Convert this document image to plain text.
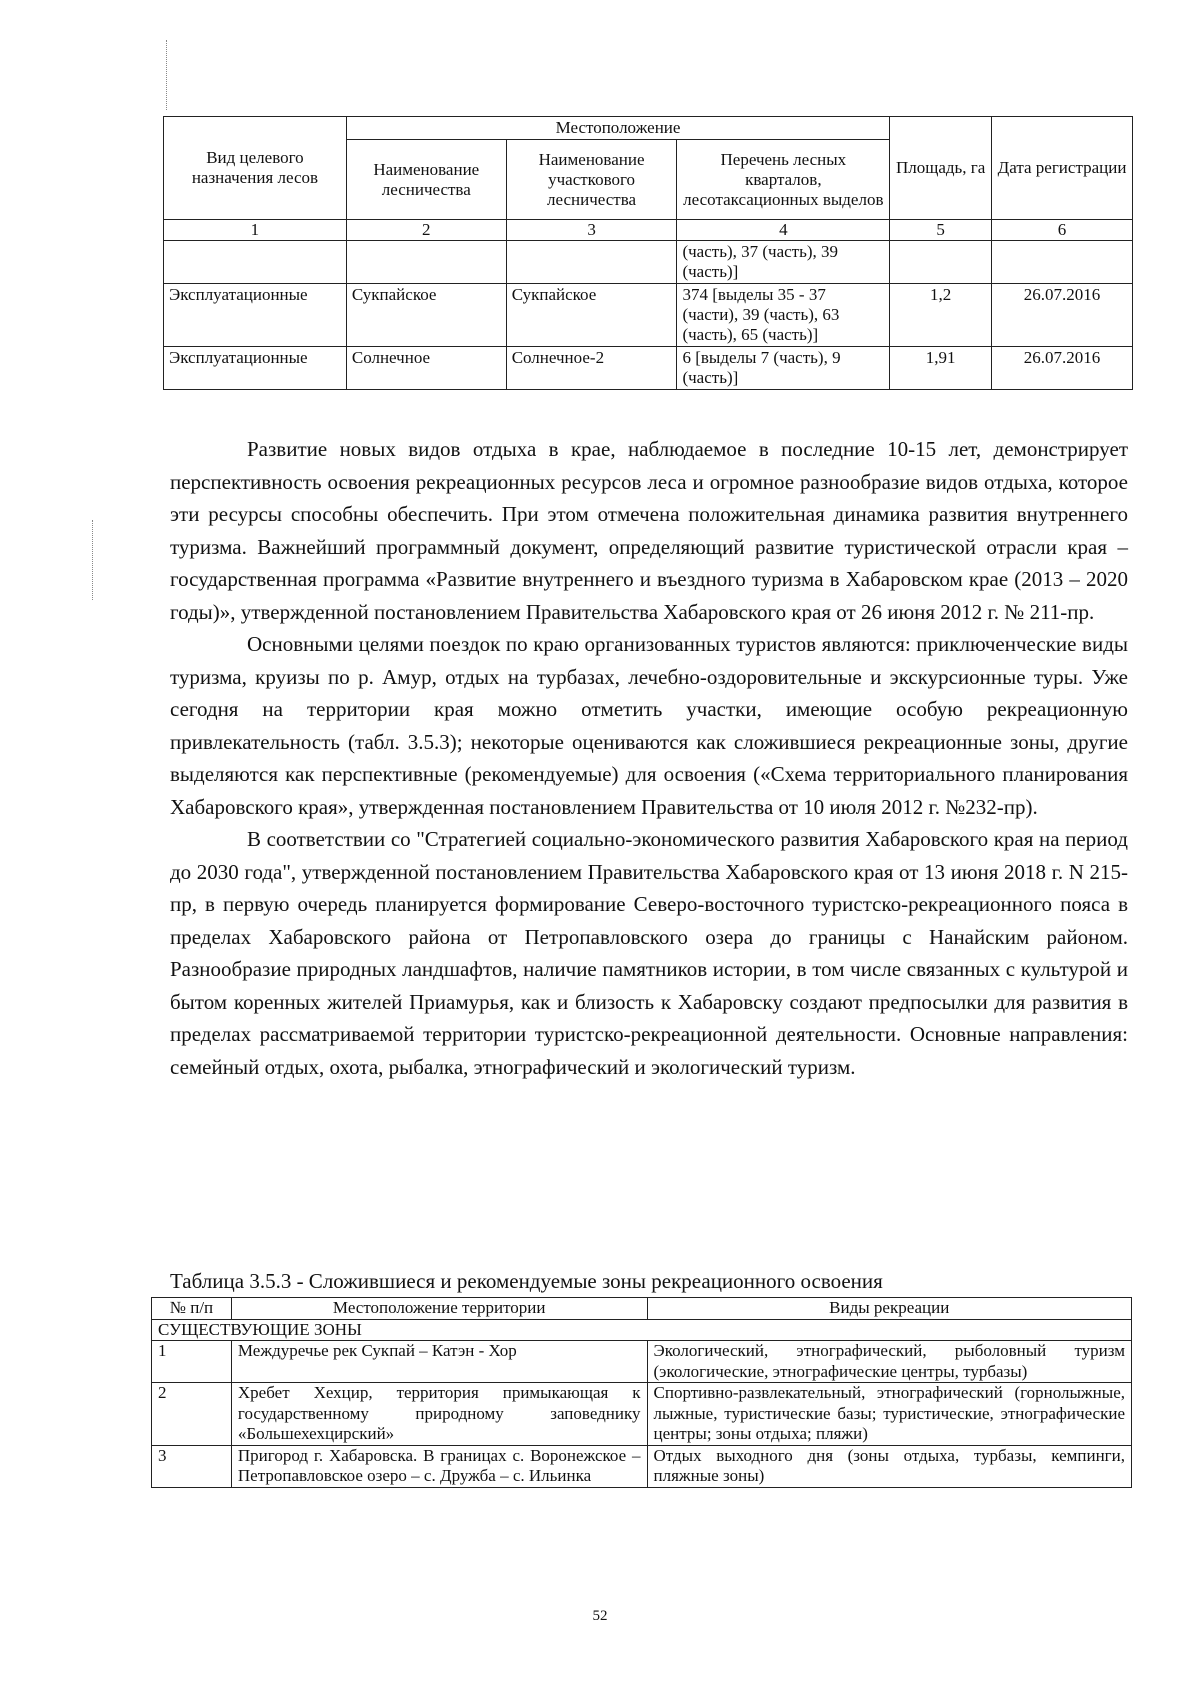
Вид целевого назначения лесов	Местоположение			Площадь, га	Дата регистрации
	Наименование лесничества	Наименование участкового лесничества	Перечень лесных кварталов, лесотаксационных выделов		
1	2	3	4	5	6
			(часть), 37 (часть), 39 (часть)]		
Эксплуатационные	Сукпайское	Сукпайское	374 [выделы 35 - 37 (части), 39 (часть), 63 (часть), 65 (часть)]	1,2	26.07.2016
Эксплуатационные	Солнечное	Солнечное-2	6 [выделы 7 (часть), 9 (часть)]	1,91	26.07.2016

Развитие новых видов отдыха в крае, наблюдаемое в последние 10-15 лет, демонстрирует перспективность освоения рекреационных ресурсов леса и огромное разнообразие видов отдыха, которое эти ресурсы способны обеспечить. При этом отмечена положительная динамика развития внутреннего туризма. Важнейший программный документ, определяющий развитие туристической отрасли края – государственная программа «Развитие внутреннего и въездного туризма в Хабаровском крае (2013 – 2020 годы)», утвержденной постановлением Правительства Хабаровского края от 26 июня 2012 г. № 211-пр.

Основными целями поездок по краю организованных туристов являются: приключенческие виды туризма, круизы по р. Амур, отдых на турбазах, лечебно-оздоровительные и экскурсионные туры. Уже сегодня на территории края можно отметить участки, имеющие особую рекреационную привлекательность (табл. 3.5.3); некоторые оцениваются как сложившиеся рекреационные зоны, другие выделяются как перспективные (рекомендуемые) для освоения («Схема территориального планирования Хабаровского края», утвержденная постановлением Правительства от 10 июля 2012 г. №232-пр).

В соответствии со "Стратегией социально-экономического развития Хабаровского края на период до 2030 года", утвержденной постановлением Правительства Хабаровского края от 13 июня 2018 г. N 215-пр, в первую очередь планируется формирование Северо-восточного туристско-рекреационного пояса в пределах Хабаровского района от Петропавловского озера до границы с Нанайским районом. Разнообразие природных ландшафтов, наличие памятников истории, в том числе связанных с культурой и бытом коренных жителей Приамурья, как и близость к Хабаровску создают предпосылки для развития в пределах рассматриваемой территории туристско-рекреационной деятельности. Основные направления: семейный отдых, охота, рыбалка, этнографический и экологический туризм.

Таблица 3.5.3 - Сложившиеся и рекомендуемые зоны рекреационного освоения
№ п/п	Местоположение территории	Виды рекреации
СУЩЕСТВУЮЩИЕ ЗОНЫ		
1	Междуречье рек Сукпай – Катэн - Хор	Экологический, этнографический, рыболовный туризм (экологические, этнографические центры, турбазы)
2	Хребет Хехцир, территория примыкающая к государственному природному заповеднику «Большехехцирский»	Спортивно-развлекательный, этнографический (горнолыжные, лыжные, туристические базы; туристические, этнографические центры; зоны отдыха; пляжи)
3	Пригород г. Хабаровска. В границах с. Воронежское – Петропавловское озеро – с. Дружба – с. Ильинка	Отдых выходного дня (зоны отдыха, турбазы, кемпинги, пляжные зоны)
52
